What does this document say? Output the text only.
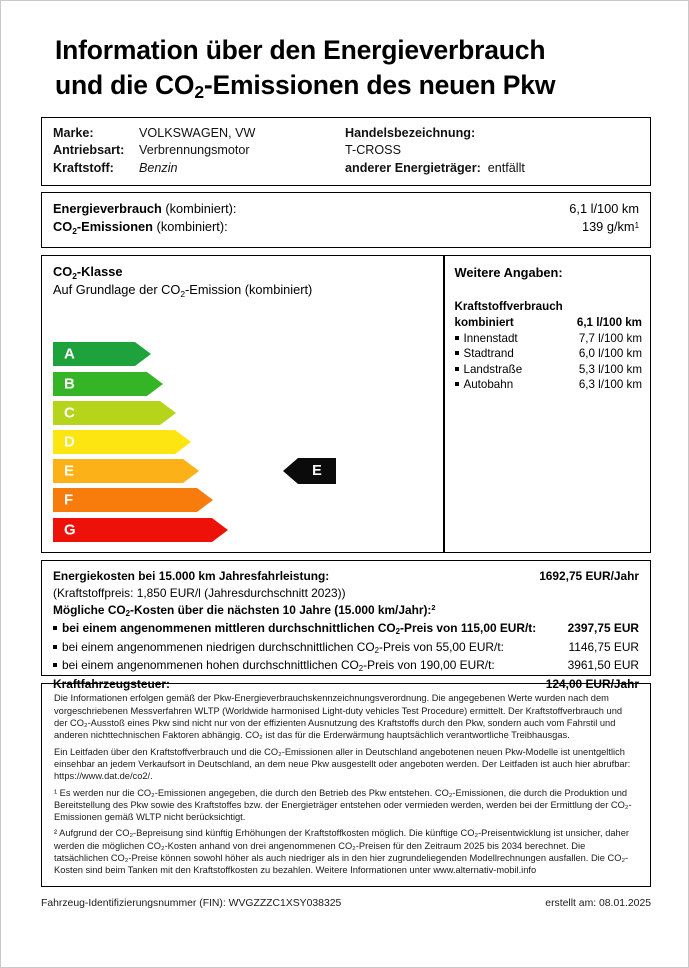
Information über den Energieverbrauch
und die $CO_2$-Emissionen des neuen Pkw
Marke:	VOLKSWAGEN, VW	Handelsbezeichnung:
Antriebsart:	Verbrennungsmotor	T-CROSS
Kraftstoff:	Benzin	anderer Energieträger: entfällt
Energieverbrauch (kombiniert):	6,1 l/100 km
$CO_2$-Emissionen (kombiniert):	139 $g/km^1$
$CO_2$-Klasse
Auf Grundlage der $CO_2$-Emission (kombiniert)
A
B
C
D
E
F
G
E
Weitere Angaben:
Kraftstoffverbrauch
kombiniert	6,1 l/100 km
Innenstadt	7,7 l/100 km
Stadtrand	6,0 l/100 km
Landstraße	5,3 l/100 km
Autobahn	6,3 l/100 km
Energiekosten bei 15.000 km Jahresfahrleistung:	1692,75 EUR/Jahr
(Kraftstoffpreis: 1,850 EUR/l (Jahresdurchschnitt 2023))
Mögliche $CO_2$-Kosten über die nächsten 10 Jahre (15.000 km/Jahr):$^2$
bei einem angenommenen mittleren durchschnittlichen $CO_2$-Preis von 115,00 EUR/t:	2397,75 EUR
bei einem angenommenen niedrigen durchschnittlichen $CO_2$-Preis von 55,00 EUR/t:	1146,75 EUR
bei einem angenommenen hohen durchschnittlichen $CO_2$-Preis von 190,00 EUR/t:	3961,50 EUR
Kraftfahrzeugsteuer:	124,00 EUR/Jahr

Die Informationen erfolgen gemäß der Pkw-Energieverbrauchskennzeichnungsverordnung. Die angegebenen Werte wurden nach dem vorgeschriebenen Messverfahren WLTP (Worldwide harmonised Light-duty vehicles Test Procedure) ermittelt. Der Kraftstoffverbrauch und der CO₂-Ausstoß eines Pkw sind nicht nur von der effizienten Ausnutzung des Kraftstoffs durch den Pkw, sondern auch vom Fahrstil und anderen nichttechnischen Faktoren abhängig. CO₂ ist das für die Erderwärmung hauptsächlich verantwortliche Treibhausgas.

Ein Leitfaden über den Kraftstoffverbrauch und die CO₂-Emissionen aller in Deutschland angebotenen neuen Pkw-Modelle ist unentgeltlich einsehbar an jedem Verkaufsort in Deutschland, an dem neue Pkw ausgestellt oder angeboten werden. Der Leitfaden ist auch hier abrufbar: https://www.dat.de/co2/.

¹ Es werden nur die CO₂-Emissionen angegeben, die durch den Betrieb des Pkw entstehen. CO₂-Emissionen, die durch die Produktion und Bereitstellung des Pkw sowie des Kraftstoffes bzw. der Energieträger entstehen oder vermieden werden, werden bei der Ermittlung der CO₂-Emissionen gemäß WLTP nicht berücksichtigt.

² Aufgrund der CO₂-Bepreisung sind künftig Erhöhungen der Kraftstoffkosten möglich. Die künftige CO₂-Preisentwicklung ist unsicher, daher werden die möglichen CO₂-Kosten anhand von drei angenommenen CO₂-Preisen für den Zeitraum 2025 bis 2034 berechnet. Die tatsächlichen CO₂-Preise können sowohl höher als auch niedriger als in den hier zugrundeliegenden Modellrechnungen ausfallen. Die CO₂-Kosten sind beim Tanken mit den Kraftstoffkosten zu bezahlen. Weitere Informationen unter www.alternativ-mobil.info

Fahrzeug-Identifizierungsnummer (FIN): WVGZZZC1XSY038325	erstellt am: 08.01.2025
